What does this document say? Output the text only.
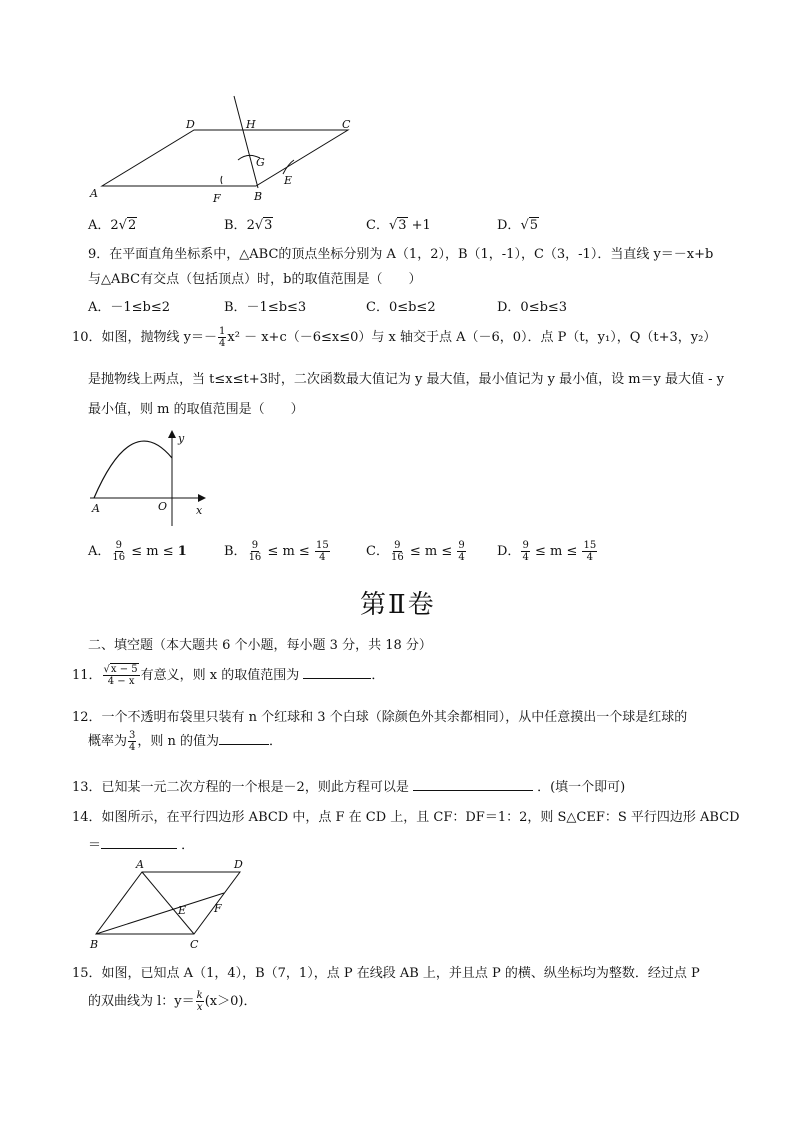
A	B
C
D
E
F
G
H
A．2√2	B．2√3	C．√3 +1	D．√5
9．在平面直角坐标系中，△ABC的顶点坐标分别为 A（1，2），B（1，-1），C（3，-1）．当直线 y＝－x+b
与△ABC有交点（包括顶点）时，b的取值范围是（　　）
A．－1≤b≤2	B．－1≤b≤3	C．0≤b≤2	D．0≤b≤3
10．如图，抛物线 $y=- \frac{1}{4} x^2 - x+c(-6\le x\le 0)$与 x 轴交于点 A（－6，0）．点 P（t，y₁），Q（t+3，y₂）
是抛物线上两点，当 t≤x≤t+3时，二次函数最大值记为 y 最大值，最小值记为 y 最小值，设 m＝y 最大值 - y
最小值，则 m 的取值范围是（　　）
y
x
O
A
A． $\frac{9}{16} \le m \le 1$	B． $\frac{9}{16} \le m \le \frac{15}{4}$	C． $\frac{9}{16} \le m \le \frac{9}{4}$ D． $\frac{9}{4} \le m \le \frac{15}{4}$
第Ⅱ卷
二、填空题（本大题共 6 个小题，每小题 3 分，共 18 分）
11． $\frac{√x - 5}{4 - x}$ 有意义，则 x 的取值范围为	．
12．一个不透明布袋里只装有 n 个红球和 3 个白球（除颜色外其余都相同），从中任意摸出一个球是红球的
概率为 $\frac{3}{4}$ ，则 n 的值为	．
13．已知某一元二次方程的一个根是－2，则此方程可以是	．(填一个即可)
14．如图所示，在平行四边形 ABCD 中，点 F 在 CD 上，且 CF：DF＝1：2，则 S△CEF：S 平行四边形 ABCD
＝	．
A
B	C
D
E	F
15．如图，已知点 A（1，4），B（7，1），点 P 在线段 AB 上，并且点 P 的横、纵坐标均为整数．经过点 P
的双曲线为 l：$y= \frac{k}{x} (x>0)$．
